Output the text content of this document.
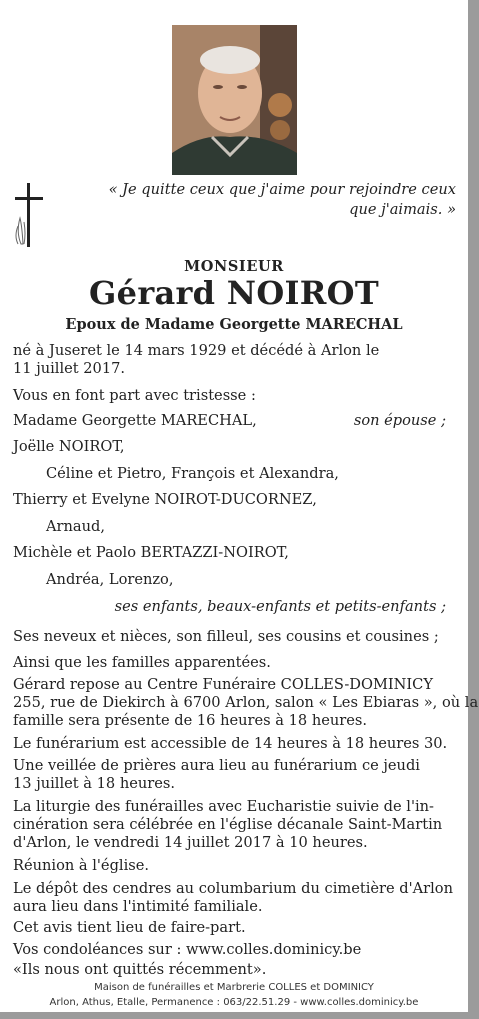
« Je quitte ceux que j'aime pour rejoindre ceux que j'aimais. »
MONSIEUR
Gérard NOIROT
Epoux de Madame Georgette MARECHAL
né à Juseret le 14 mars 1929 et décédé à Arlon le
11 juillet 2017.
Vous en font part avec tristesse :
Madame Georgette MARECHAL,	son épouse ;
Joëlle NOIROT,
Céline et Pietro, François et Alexandra,
Thierry et Evelyne NOIROT-DUCORNEZ,
Arnaud,
Michèle et Paolo BERTAZZI-NOIROT,
Andréa, Lorenzo,
ses enfants, beaux-enfants et petits-enfants ;
Ses neveux et nièces, son filleul, ses cousins et cousines ;
Ainsi que les familles apparentées.
Gérard repose au Centre Funéraire COLLES-DOMINICY
255, rue de Diekirch à 6700 Arlon, salon « Les Ebiaras », où la
famille sera présente de 16 heures à 18 heures.
Le funérarium est accessible de 14 heures à 18 heures 30.
Une veillée de prières aura lieu au funérarium ce jeudi
13 juillet à 18 heures.
La liturgie des funérailles avec Eucharistie suivie de l'in-
cinération sera célébrée en l'église décanale Saint-Martin
d'Arlon, le vendredi 14 juillet 2017 à 10 heures.
Réunion à l'église.
Le dépôt des cendres au columbarium du cimetière d'Arlon
aura lieu dans l'intimité familiale.
Cet avis tient lieu de faire-part.
Vos condoléances sur : www.colles.dominicy.be
«Ils nous ont quittés récemment».
Maison de funérailles et Marbrerie COLLES et DOMINICY
Arlon, Athus, Etalle, Permanence : 063/22.51.29 - www.colles.dominicy.be
